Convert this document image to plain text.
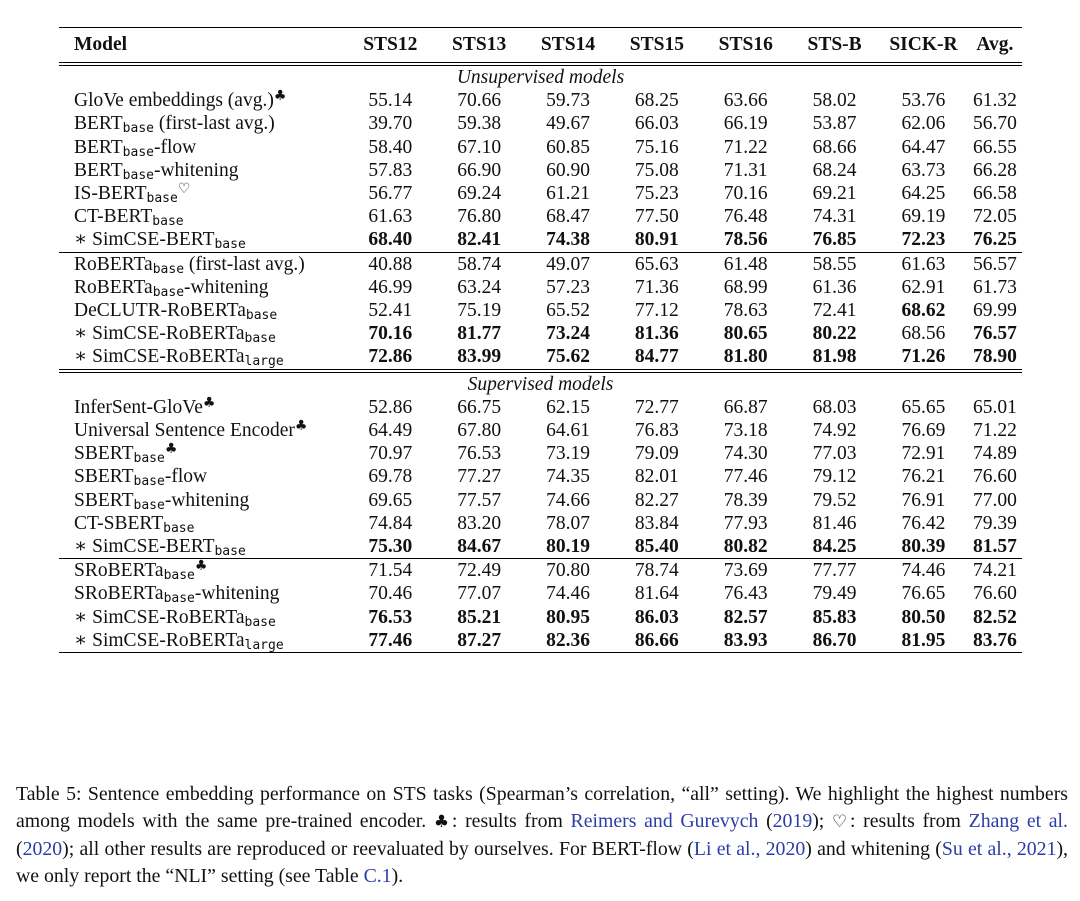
Model	STS12	STS13	STS14	STS15	STS16	STS-B	SICK-R	Avg.
Unsupervised models								
GloVe embeddings (avg.)♣	55.14	70.66	59.73	68.25	63.66	58.02	53.76	61.32
$BERT_{base}$ (first-last avg.)	39.70	59.38	49.67	66.03	66.19	53.87	62.06	56.70
$BERT_{base}$-flow	58.40	67.10	60.85	75.16	71.22	68.66	64.47	66.55
$BERT_{base}$-whitening	57.83	66.90	60.90	75.08	71.31	68.24	63.73	66.28
$IS-BERT_{base}^♡$	56.77	69.24	61.21	75.23	70.16	69.21	64.25	66.58
$CT-BERT_{base}$	61.63	76.80	68.47	77.50	76.48	74.31	69.19	72.05
∗ SimCSE-$BERT_{base}$	68.40	82.41	74.38	80.91	78.56	76.85	72.23	76.25
RoBERTa$_{base}$ (first-last avg.)	40.88	58.74	49.07	65.63	61.48	58.55	61.63	56.57
RoBERTa$_{base}$-whitening	46.99	63.24	57.23	71.36	68.99	61.36	62.91	61.73
DeCLUTR-RoBERTa$_{base}$	52.41	75.19	65.52	77.12	78.63	72.41	68.62	69.99
∗ SimCSE-RoBERTa$_{base}$	70.16	81.77	73.24	81.36	80.65	80.22	68.56	76.57
∗ SimCSE-RoBERTa$_{large}$	72.86	83.99	75.62	84.77	81.80	81.98	71.26	78.90
Supervised models								
InferSent-GloVe♣	52.86	66.75	62.15	72.77	66.87	68.03	65.65	65.01
Universal Sentence Encoder♣	64.49	67.80	64.61	76.83	73.18	74.92	76.69	71.22
$SBERT_{base}^♣$	70.97	76.53	73.19	79.09	74.30	77.03	72.91	74.89
$SBERT_{base}$-flow	69.78	77.27	74.35	82.01	77.46	79.12	76.21	76.60
$SBERT_{base}$-whitening	69.65	77.57	74.66	82.27	78.39	79.52	76.91	77.00
$CT-SBERT_{base}$	74.84	83.20	78.07	83.84	77.93	81.46	76.42	79.39
∗ SimCSE-$BERT_{base}$	75.30	84.67	80.19	85.40	80.82	84.25	80.39	81.57
SRoBERTa$_{base}$♣	71.54	72.49	70.80	78.74	73.69	77.77	74.46	74.21
SRoBERTa$_{base}$-whitening	70.46	77.07	74.46	81.64	76.43	79.49	76.65	76.60
∗ SimCSE-RoBERTa$_{base}$	76.53	85.21	80.95	86.03	82.57	85.83	80.50	82.52
∗ SimCSE-RoBERTa$_{large}$	77.46	87.27	82.36	86.66	83.93	86.70	81.95	83.76
Table 5: Sentence embedding performance on STS tasks (Spearman’s correlation, “all” setting). We highlight the highest numbers among models with the same pre-trained encoder. ♣: results from Reimers and Gurevych (2019); ♡: results from Zhang et al. (2020); all other results are reproduced or reevaluated by ourselves. For BERT-flow (Li et al., 2020) and whitening (Su et al., 2021), we only report the “NLI” setting (see Table C.1).
